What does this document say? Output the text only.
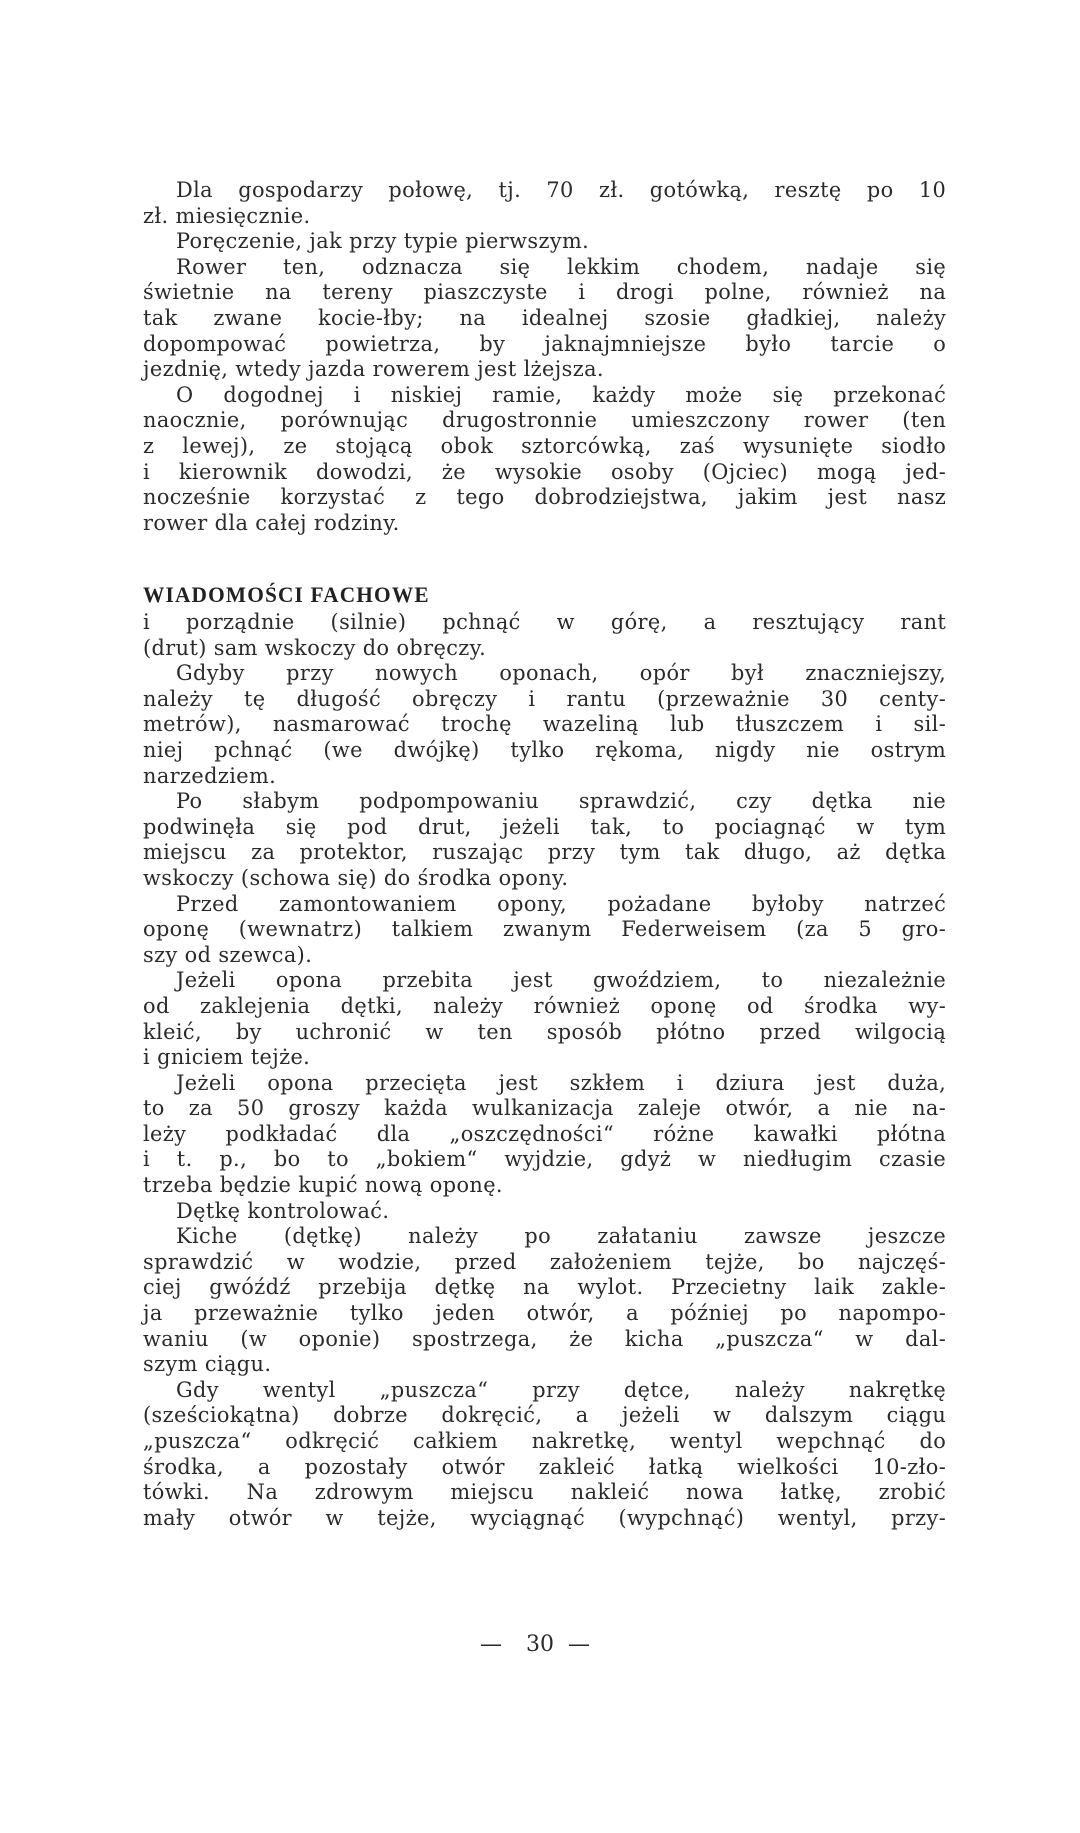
Dla gospodarzy połowę, tj. 70 zł. gotówką, resztę po 10
zł. miesięcznie.
Poręczenie, jak przy typie pierwszym.
Rower ten, odznacza się lekkim chodem, nadaje się
świetnie na tereny piaszczyste i drogi polne, również na
tak zwane kocie-łby; na idealnej szosie gładkiej, należy
dopompować powietrza, by jaknajmniejsze było tarcie o
jezdnię, wtedy jazda rowerem jest lżejsza.
O dogodnej i niskiej ramie, każdy może się przekonać
naocznie, porównując drugostronnie umieszczony rower (ten
z lewej), ze stojącą obok sztorcówką, zaś wysunięte siodło
i kierownik dowodzi, że wysokie osoby (Ojciec) mogą jed-
nocześnie korzystać z tego dobrodziejstwa, jakim jest nasz
rower dla całej rodziny.
WIADOMOŚCI FACHOWE
i porządnie (silnie) pchnąć w górę, a resztujący rant
(drut) sam wskoczy do obręczy.
Gdyby przy nowych oponach, opór był znaczniejszy,
należy tę długość obręczy i rantu (przeważnie 30 centy-
metrów), nasmarować trochę wazeliną lub tłuszczem i sil-
niej pchnąć (we dwójkę) tylko rękoma, nigdy nie ostrym
narzedziem.
Po słabym podpompowaniu sprawdzić, czy dętka nie
podwinęła się pod drut, jeżeli tak, to pociagnąć w tym
miejscu za protektor, ruszając przy tym tak długo, aż dętka
wskoczy (schowa się) do środka opony.
Przed zamontowaniem opony, pożadane byłoby natrzeć
oponę (wewnatrz) talkiem zwanym Federweisem (za 5 gro-
szy od szewca).
Jeżeli opona przebita jest gwoździem, to niezależnie
od zaklejenia dętki, należy również oponę od środka wy-
kleić, by uchronić w ten sposób płótno przed wilgocią
i gniciem tejże.
Jeżeli opona przecięta jest szkłem i dziura jest duża,
to za 50 groszy każda wulkanizacja zaleje otwór, a nie na-
leży podkładać dla „oszczędności“ różne kawałki płótna
i t. p., bo to „bokiem“ wyjdzie, gdyż w niedługim czasie
trzeba będzie kupić nową oponę.
Dętkę kontrolować.
Kiche (dętkę) należy po załataniu zawsze jeszcze
sprawdzić w wodzie, przed założeniem tejże, bo najczęś-
ciej gwóźdź przebija dętkę na wylot. Przecietny laik zakle-
ja przeważnie tylko jeden otwór, a później po napompo-
waniu (w oponie) spostrzega, że kicha „puszcza“ w dal-
szym ciągu.
Gdy wentyl „puszcza“ przy dętce, należy nakrętkę
(sześciokątna) dobrze dokręcić, a jeżeli w dalszym ciągu
„puszcza“ odkręcić całkiem nakretkę, wentyl wepchnąć do
środka, a pozostały otwór zakleić łatką wielkości 10-zło-
tówki. Na zdrowym miejscu nakleić nowa łatkę, zrobić
mały otwór w tejże, wyciągnąć (wypchnąć) wentyl, przy-
— 30 —
